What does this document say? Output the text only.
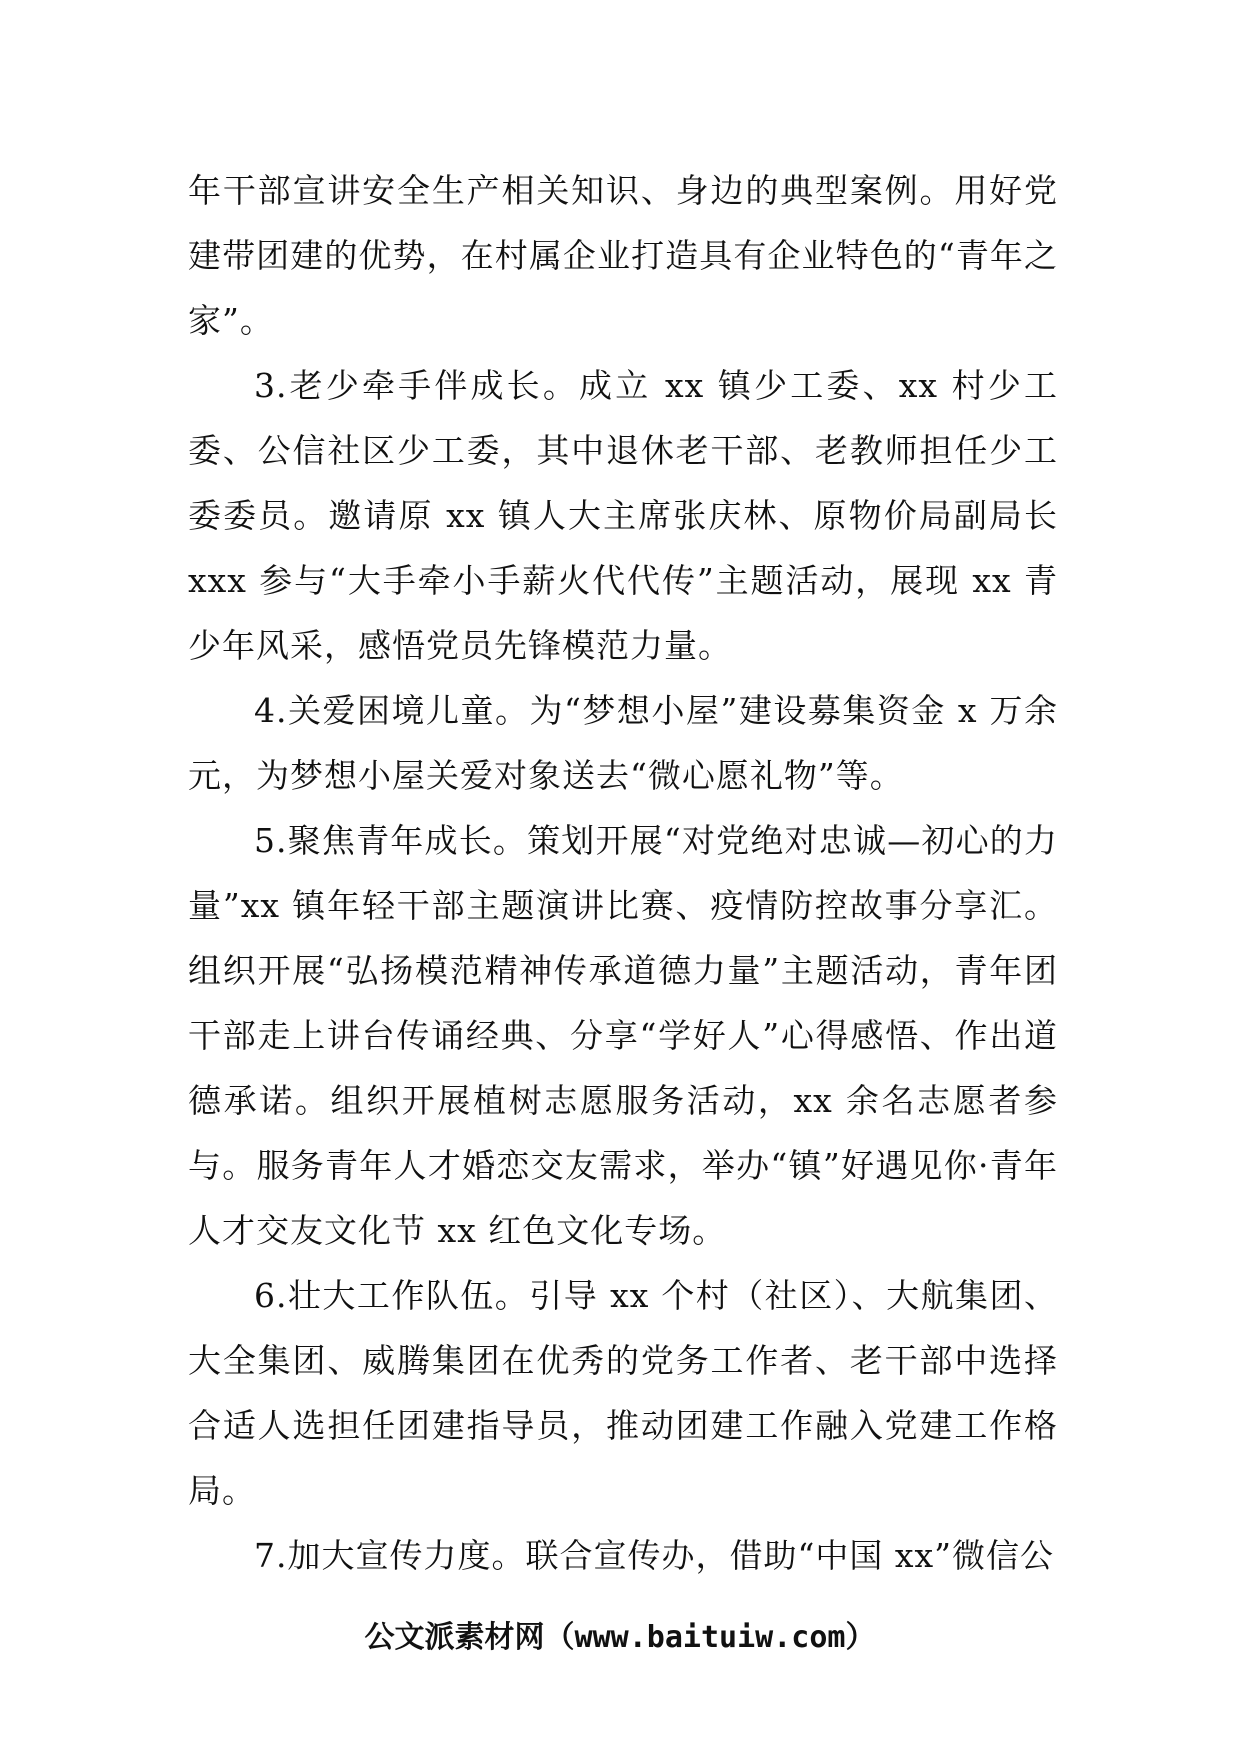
年干部宣讲安全生产相关知识、身边的典型案例。用好党建带团建的优势，在村属企业打造具有企业特色的“青年之家”。

3.老少牵手伴成长。成立 xx 镇少工委、xx 村少工委、公信社区少工委，其中退休老干部、老教师担任少工委委员。邀请原 xx 镇人大主席张庆林、原物价局副局长 xxx 参与“大手牵小手薪火代代传”主题活动，展现 xx 青少年风采，感悟党员先锋模范力量。

4.关爱困境儿童。为“梦想小屋”建设募集资金 x 万余元，为梦想小屋关爱对象送去“微心愿礼物”等。

5.聚焦青年成长。策划开展“对党绝对忠诚—初心的力量”xx 镇年轻干部主题演讲比赛、疫情防控故事分享汇。组织开展“弘扬模范精神传承道德力量”主题活动，青年团干部走上讲台传诵经典、分享“学好人”心得感悟、作出道德承诺。组织开展植树志愿服务活动，xx 余名志愿者参与。服务青年人才婚恋交友需求，举办“镇”好遇见你·青年人才交友文化节 xx 红色文化专场。

6.壮大工作队伍。引导 xx 个村（社区）、大航集团、大全集团、威腾集团在优秀的党务工作者、老干部中选择合适人选担任团建指导员，推动团建工作融入党建工作格局。

7.加大宣传力度。联合宣传办，借助“中国 xx”微信公

公文派素材网（www.baituiw.com）
